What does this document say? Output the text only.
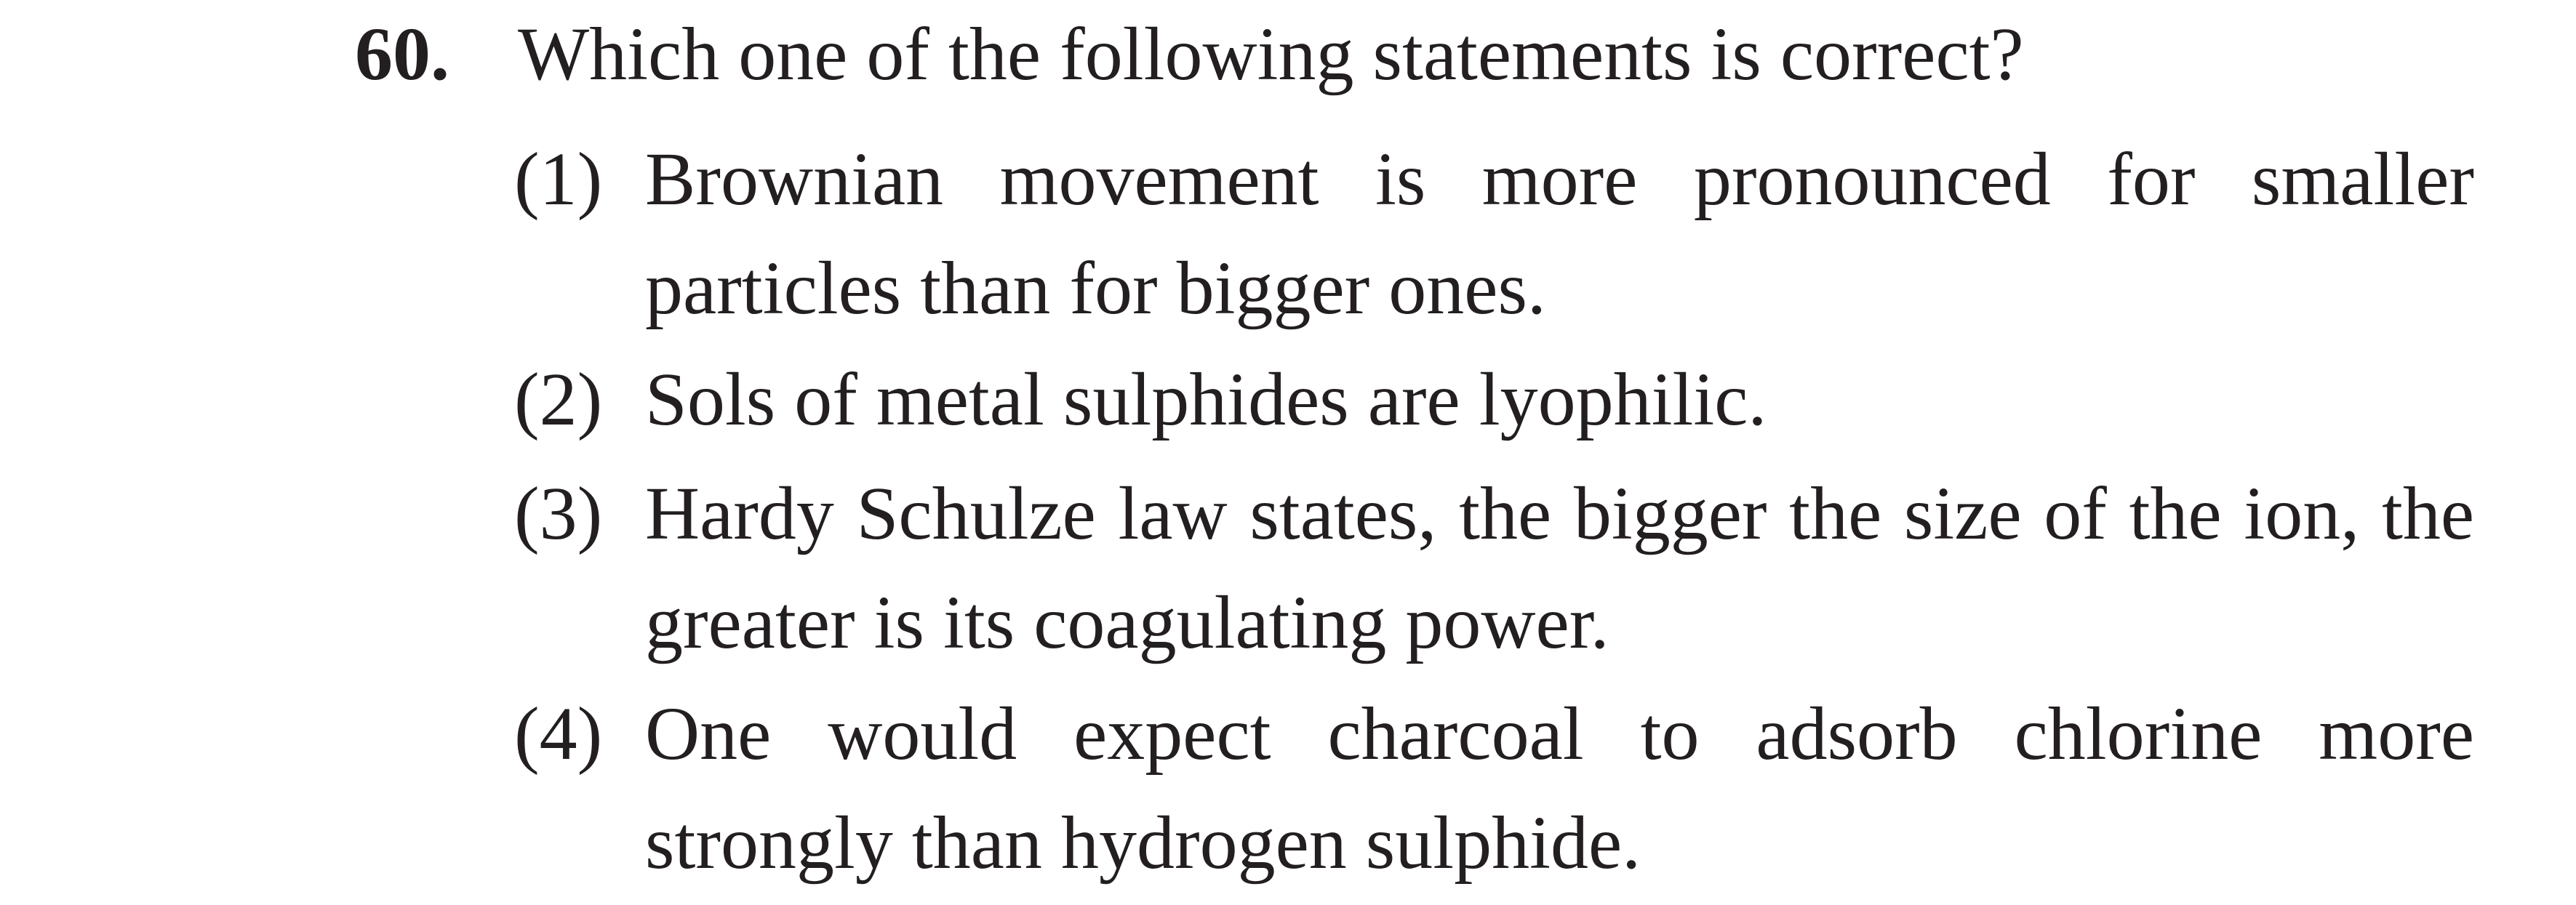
60. Which one of the following statements is correct?
(1) Brownian movement is more pronounced for smaller particles than for bigger ones.
(2) Sols of metal sulphides are lyophilic.
(3) Hardy Schulze law states, the bigger the size of the ion, the greater is its coagulating power.
(4) One would expect charcoal to adsorb chlorine more strongly than hydrogen sulphide.
